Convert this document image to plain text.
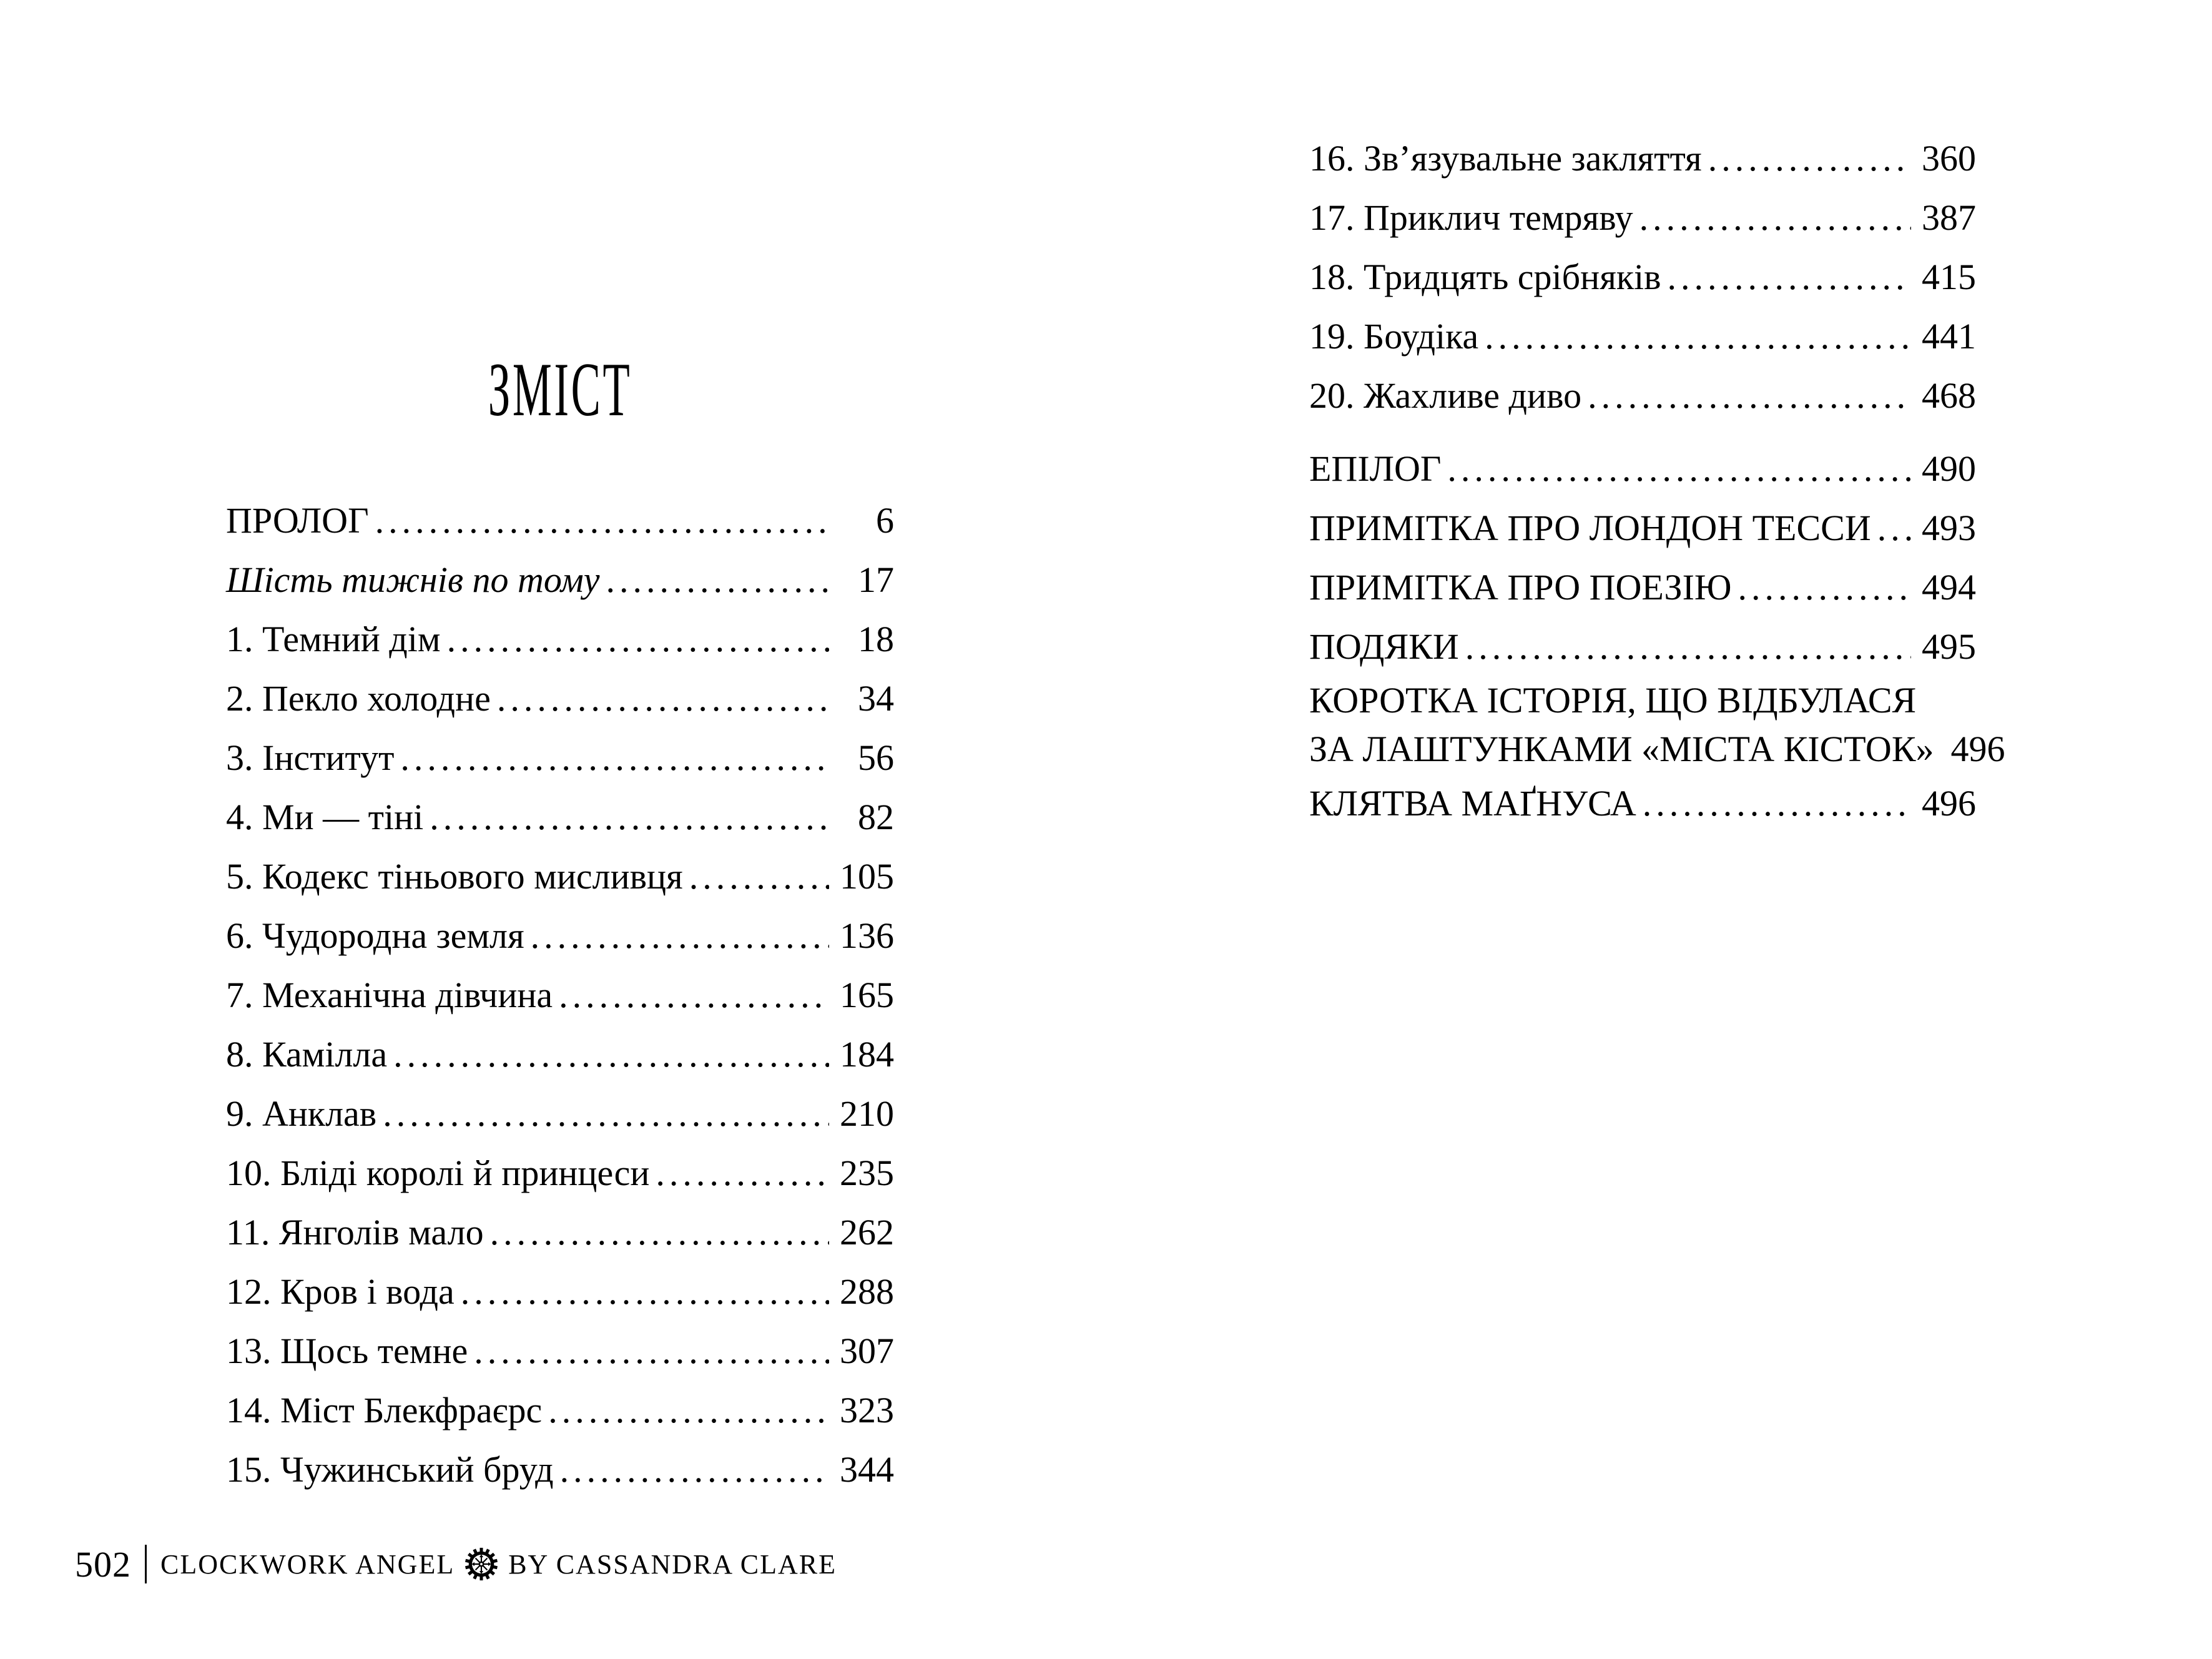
ЗМІСТ
ПРОЛОГ .....	6
Шість тижнів по тому .....	17
1. Темний дім .....	18
2. Пекло холодне .....	34
3. Інститут .....	56
4. Ми — тіні .....	82
5. Кодекс тіньового мисливця .....	105
6. Чудородна земля .....	136
7. Механічна дівчина .....	165
8. Камілла .....	184
9. Анклав .....	210
10. Бліді королі й принцеси .....	235
11. Янголів мало .....	262
12. Кров і вода .....	288
13. Щось темне .....	307
14. Міст Блекфраєрс .....	323
15. Чужинський бруд .....	344
16. Зв’язувальне закляття .....	360
17. Приклич темряву .....	387
18. Тридцять срібняків .....	415
19. Боудіка .....	441
20. Жахливе диво .....	468
ЕПІЛОГ .....	490
ПРИМІТКА ПРО ЛОНДОН ТЕССИ ..... 493
ПРИМІТКА ПРО ПОЕЗІЮ .....	494
ПОДЯКИ .....	495
КОРОТКА ІСТОРІЯ, ЩО ВІДБУЛАСЯ
ЗА ЛАШТУНКАМИ «МІСТА КІСТОК» 496
КЛЯТВА МАҐНУСА .....	496
502 CLOCKWORK ANGEL BY CASSANDRA CLARE
